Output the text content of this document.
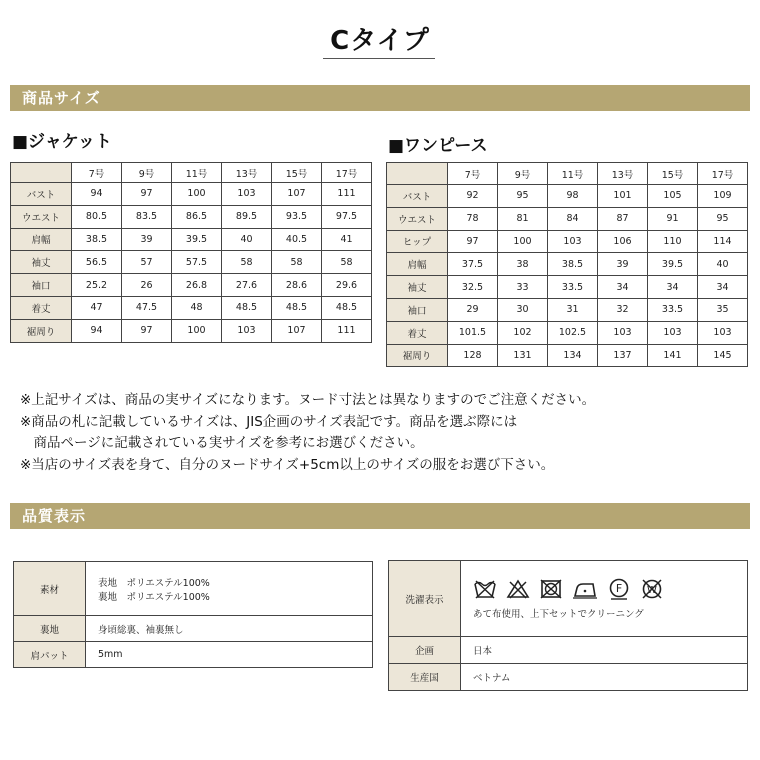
Cタイプ
商品サイズ
■ジャケット	■ワンピース
	7号	9号	11号	13号	15号	17号
バスト	94	97	100	103	107	111
ウエスト	80.5	83.5	86.5	89.5	93.5	97.5
肩幅	38.5	39	39.5	40	40.5	41
袖丈	56.5	57	57.5	58	58	58
袖口	25.2	26	26.8	27.6	28.6	29.6
着丈	47	47.5	48	48.5	48.5	48.5
裾周り	94	97	100	103	107	111
	7号	9号	11号	13号	15号	17号
バスト	92	95	98	101	105	109
ウエスト	78	81	84	87	91	95
ヒップ	97	100	103	106	110	114
肩幅	37.5	38	38.5	39	39.5	40
袖丈	32.5	33	33.5	34	34	34
袖口	29	30	31	32	33.5	35
着丈	101.5	102	102.5	103	103	103
裾周り	128	131	134	137	141	145
※上記サイズは、商品の実サイズになります。ヌード寸法とは異なりますのでご注意ください。
※商品の札に記載しているサイズは、JIS企画のサイズ表記です。商品を選ぶ際には
　商品ページに記載されている実サイズを参考にお選びください。
※当店のサイズ表を身て、自分のヌードサイズ+5cm以上のサイズの服をお選び下さい。
品質表示
素材	表地　ポリエステル100%
裏地　ポリエステル100%

裏地	身頃総裏、袖裏無し
肩パット	5mm
洗濯表示	F W
あて布使用、上下セットでクリーニング

企画	日本
生産国	ベトナム
